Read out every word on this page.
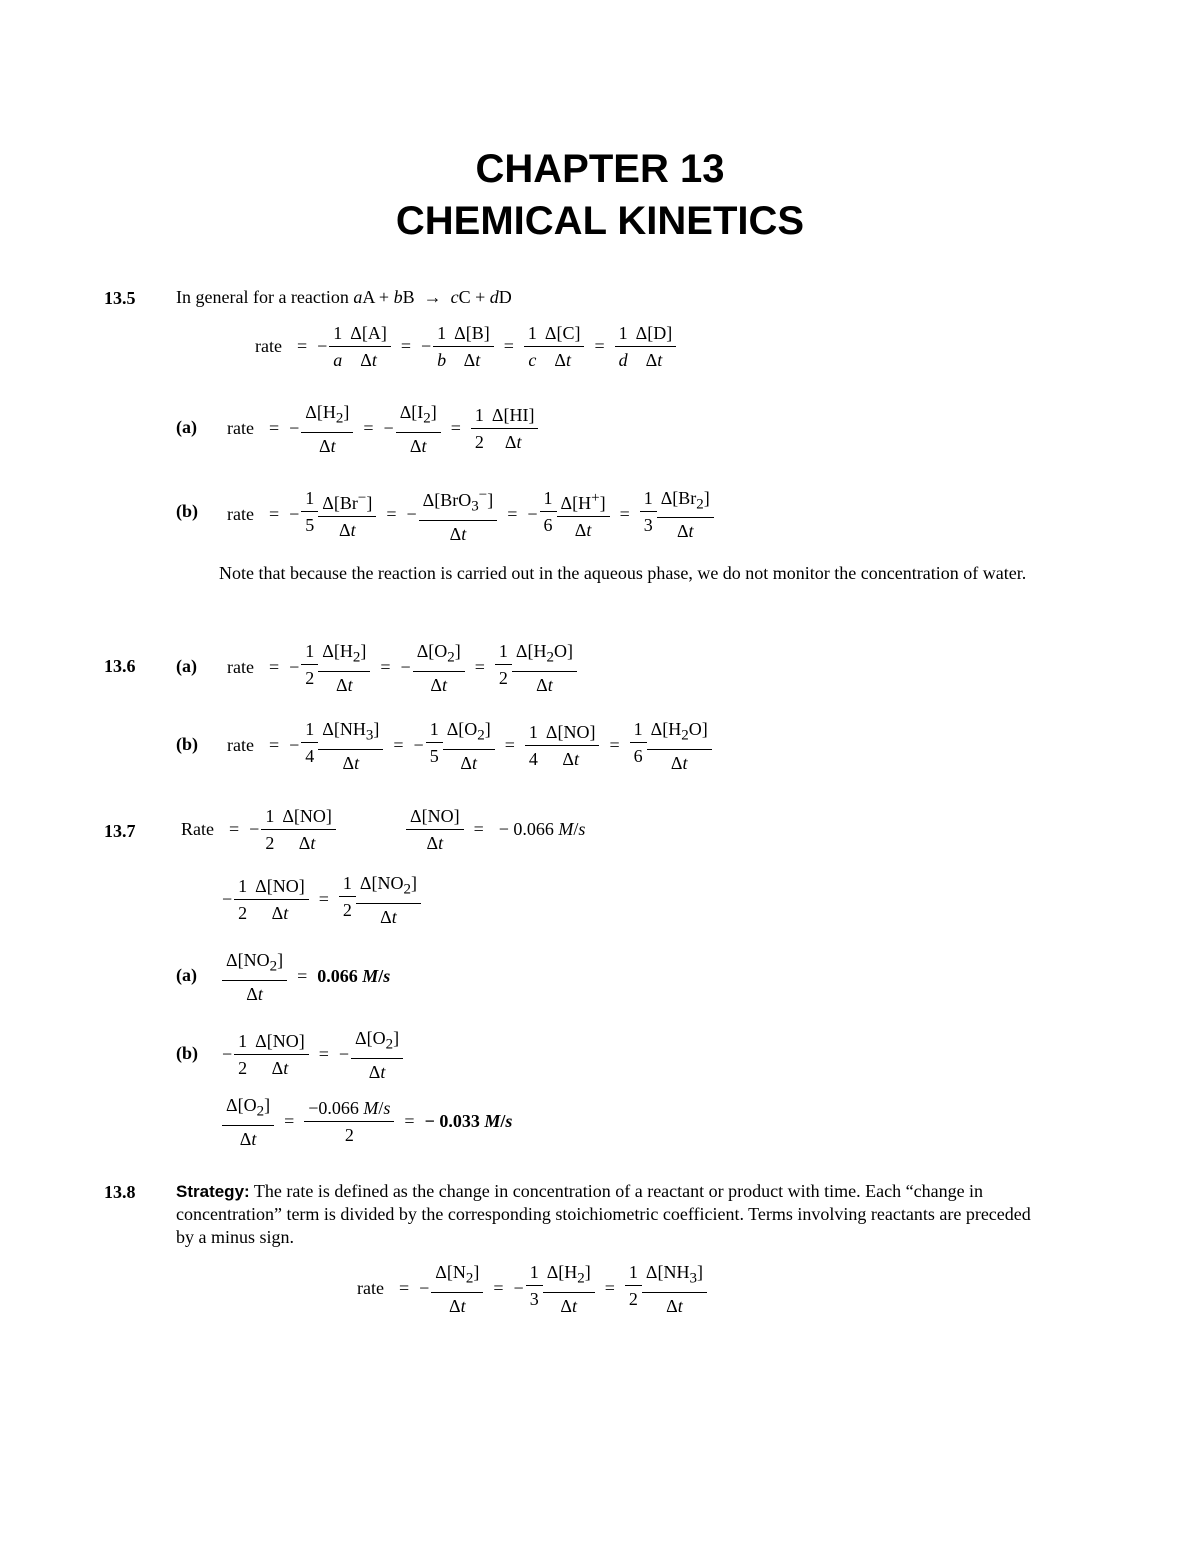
CHAPTER 13
CHEMICAL KINETICS
13.5 In general for a reaction aA + bB  →  cC + dD
rate = − $\frac{1}{a} \frac{\Delta[A]}{\Delta t}$ = − $\frac{1}{b} \frac{\Delta[B]}{\Delta t} = \frac{1}{c} \frac{\Delta[C]}{\Delta t} = \frac{1}{d} \frac{\Delta[D]}{\Delta t}$
(a) rate = − $\frac{\Delta[H_2]}{\Delta t}$ = − $\frac{\Delta[I_2]}{\Delta t} = \frac{1}{2} \frac{\Delta[HI]}{\Delta t}$
(b) rate = − $\frac{1}{5} \frac{\Delta[Br^-]}{\Delta t}$ = − $\frac{\Delta[BrO_3^-]}{\Delta t}$ = − $\frac{1}{6} \frac{\Delta[H^+]}{\Delta t} = \frac{1}{3} \frac{\Delta[Br_2]}{\Delta t}$
Note that because the reaction is carried out in the aqueous phase, we do not monitor the concentration of water.
13.6 (a) rate = − $\frac{1}{2} \frac{\Delta[H_2]}{\Delta t}$ = − $\frac{\Delta[O_2]}{\Delta t} = \frac{1}{2} \frac{\Delta[H_2O]}{\Delta t}$
(b) rate = − $\frac{1}{4} \frac{\Delta[NH_3]}{\Delta t}$ = − $\frac{1}{5} \frac{\Delta[O_2]}{\Delta t} = \frac{1}{4} \frac{\Delta[NO]}{\Delta t} = \frac{1}{6} \frac{\Delta[H_2O]}{\Delta t}$
13.7	Rate = − $\frac{1}{2} \frac{\Delta[NO]}{\Delta t}$	$\frac{\Delta[NO]}{\Delta t}$ = − 0.066 M/s
− $\frac{1}{2} \frac{\Delta[NO]}{\Delta t} = \frac{1}{2} \frac{\Delta[NO_2]}{\Delta t}$
$(a) \frac{\Delta[NO_2]}{\Delta t} = 0.066$ M/s
$(b) - \frac{1}{2} \frac{\Delta[NO]}{\Delta t}$ = − $\frac{\Delta[O_2]}{\Delta t}$
$\frac{\Delta[O_2]}{\Delta t} = \frac{-0.066 M/s}{2}$ = − 0.033 M/s
13.8 Strategy: The rate is defined as the change in concentration of a reactant or product with time. Each “change in concentration” term is divided by the corresponding stoichiometric coefficient. Terms involving reactants are preceded by a minus sign.
rate = − $\frac{\Delta[N_2]}{\Delta t}$ = − $\frac{1}{3} \frac{\Delta[H_2]}{\Delta t} = \frac{1}{2} \frac{\Delta[NH_3]}{\Delta t}$
